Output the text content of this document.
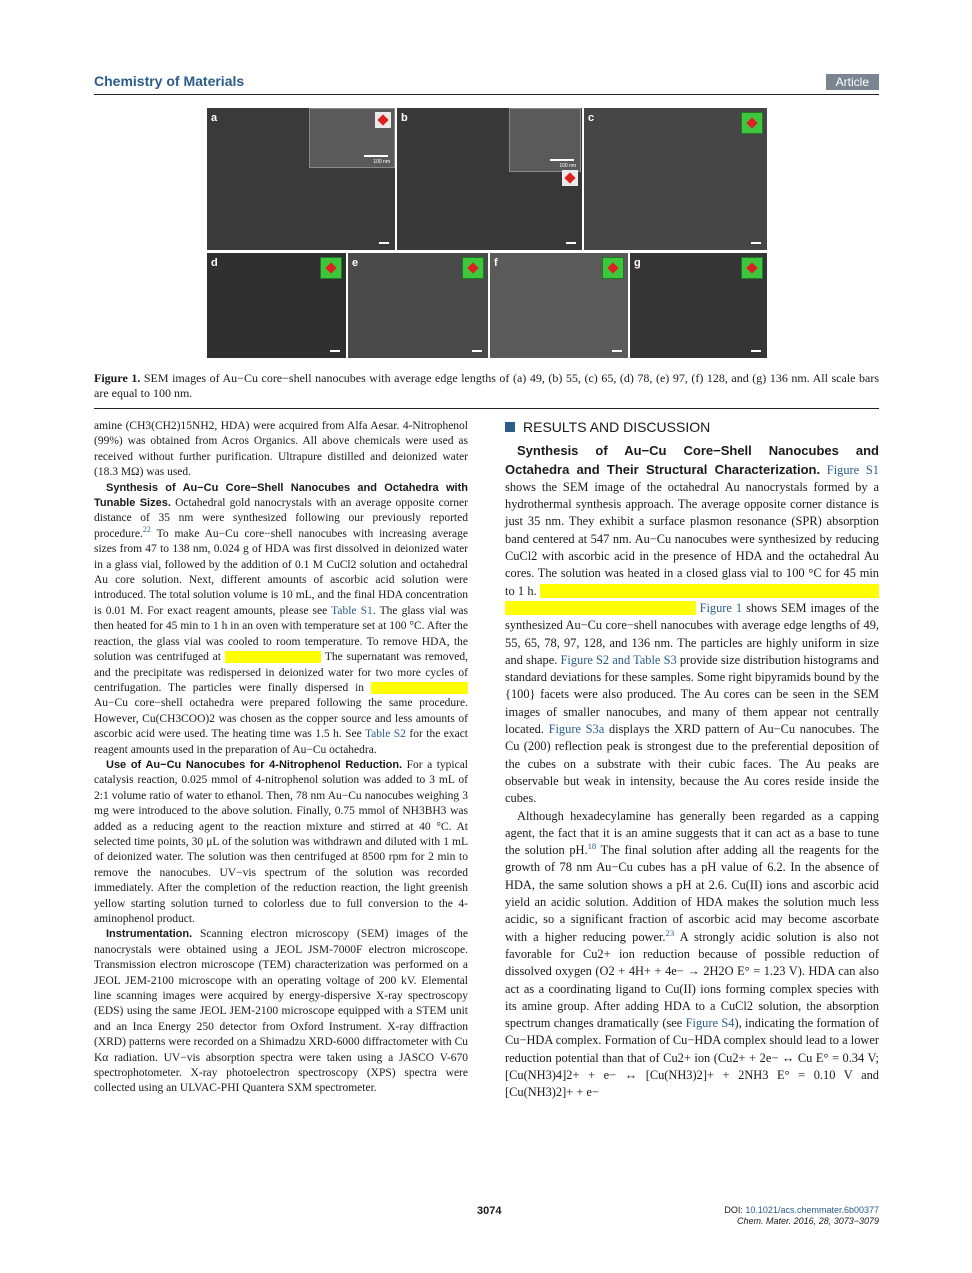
Chemistry of Materials	Article
a
100 nm
b
100 nm
c
d	e	f	g
Figure 1. SEM images of Au−Cu core−shell nanocubes with average edge lengths of (a) 49, (b) 55, (c) 65, (d) 78, (e) 97, (f) 128, and (g) 136 nm. All scale bars are equal to 100 nm.

amine (CH3(CH2)15NH2, HDA) were acquired from Alfa Aesar. 4-Nitrophenol (99%) was obtained from Acros Organics. All above chemicals were used as received without further purification. Ultrapure distilled and deionized water (18.3 MΩ) was used.

Synthesis of Au−Cu Core−Shell Nanocubes and Octahedra with Tunable Sizes. Octahedral gold nanocrystals with an average opposite corner distance of 35 nm were synthesized following our previously reported procedure.$^{22}$ To make Au−Cu core−shell nanocubes with increasing average sizes from 47 to 138 nm, 0.024 g of HDA was first dissolved in deionized water in a glass vial, followed by the addition of 0.1 M CuCl2 solution and octahedral Au core solution. Next, different amounts of ascorbic acid solution were introduced. The total solution volume is 10 mL, and the final HDA concentration is 0.01 M. For exact reagent amounts, please see Table S1. The glass vial was then heated for 45 min to 1 h in an oven with temperature set at 100 °C. After the reaction, the glass vial was cooled to room temperature. To remove HDA, the solution was centrifuged at	The supernatant was removed, and the precipitate was redispersed in deionized water for two more cycles of centrifugation. The particles were finally dispersed in Au−Cu core−shell octahedra were prepared following the same procedure. However, Cu(CH3COO)2 was chosen as the copper source and less amounts of ascorbic acid were used. The heating time was 1.5 h. See Table S2 for the exact reagent amounts used in the preparation of Au−Cu octahedra.

Use of Au−Cu Nanocubes for 4-Nitrophenol Reduction. For a typical catalysis reaction, 0.025 mmol of 4-nitrophenol solution was added to 3 mL of 2:1 volume ratio of water to ethanol. Then, 78 nm Au−Cu nanocubes weighing 3 mg were introduced to the above solution. Finally, 0.75 mmol of NH3BH3 was added as a reducing agent to the reaction mixture and stirred at 40 °C. At selected time points, 30 μL of the solution was withdrawn and diluted with 1 mL of deionized water. The solution was then centrifuged at 8500 rpm for 2 min to remove the nanocubes. UV−vis spectrum of the solution was recorded immediately. After the completion of the reduction reaction, the light greenish yellow starting solution turned to colorless due to full conversion to the 4-aminophenol product.

Instrumentation. Scanning electron microscopy (SEM) images of the nanocrystals were obtained using a JEOL JSM-7000F electron microscope. Transmission electron microscope (TEM) characterization was performed on a JEOL JEM-2100 microscope with an operating voltage of 200 kV. Elemental line scanning images were acquired by energy-dispersive X-ray spectroscopy (EDS) using the same JEOL JEM-2100 microscope equipped with a STEM unit and an Inca Energy 250 detector from Oxford Instrument. X-ray diffraction (XRD) patterns were recorded on a Shimadzu XRD-6000 diffractometer with Cu Kα radiation. UV−vis absorption spectra were taken using a JASCO V-670 spectrophotometer. X-ray photoelectron spectroscopy (XPS) spectra were collected using an ULVAC-PHI Quantera SXM spectrometer.

RESULTS AND DISCUSSION

Synthesis of Au−Cu Core−Shell Nanocubes and Octahedra and Their Structural Characterization. Figure S1 shows the SEM image of the octahedral Au nanocrystals formed by a hydrothermal synthesis approach. The average opposite corner distance is just 35 nm. They exhibit a surface plasmon resonance (SPR) absorption band centered at 547 nm. Au−Cu nanocubes were synthesized by reducing CuCl2 with ascorbic acid in the presence of HDA and the octahedral Au cores. The solution was heated in a closed glass vial to 100 °C for 45 min to 1 h. Figure 1 shows SEM images of the synthesized Au−Cu core−shell nanocubes with average edge lengths of 49, 55, 65, 78, 97, 128, and 136 nm. The particles are highly uniform in size and shape. Figure S2 and Table S3 provide size distribution histograms and standard deviations for these samples. Some right bipyramids bound by the {100} facets were also produced. The Au cores can be seen in the SEM images of smaller nanocubes, and many of them appear not centrally located. Figure S3a displays the XRD pattern of Au−Cu nanocubes. The Cu (200) reflection peak is strongest due to the preferential deposition of the cubes on a substrate with their cubic faces. The Au peaks are observable but weak in intensity, because the Au cores reside inside the cubes.

Although hexadecylamine has generally been regarded as a capping agent, the fact that it is an amine suggests that it can act as a base to tune the solution pH.$^{18}$ The final solution after adding all the reagents for the growth of 78 nm Au−Cu cubes has a pH value of 6.2. In the absence of HDA, the same solution shows a pH at 2.6. Cu(II) ions and ascorbic acid yield an acidic solution. Addition of HDA makes the solution much less acidic, so a significant fraction of ascorbic acid may become ascorbate with a higher reducing power.$^{23}$ A strongly acidic solution is also not favorable for Cu2+ ion reduction because of possible reduction of dissolved oxygen (O2 + 4H+ + 4e− → 2H2O E° = 1.23 V). HDA can also act as a coordinating ligand to Cu(II) ions forming complex species with its amine group. After adding HDA to a CuCl2 solution, the absorption spectrum changes dramatically (see Figure S4), indicating the formation of Cu−HDA complex. Formation of Cu−HDA complex should lead to a lower reduction potential than that of Cu2+ ion (Cu2+ + 2e− ↔ Cu E° = 0.34 V; [Cu(NH3)4]2+ + e− ↔ [Cu(NH3)2]+ + 2NH3 E° = 0.10 V and [Cu(NH3)2]+ + e−

3074	DOI: 10.1021/acs.chemmater.6b00377
Chem. Mater. 2016, 28, 3073−3079
